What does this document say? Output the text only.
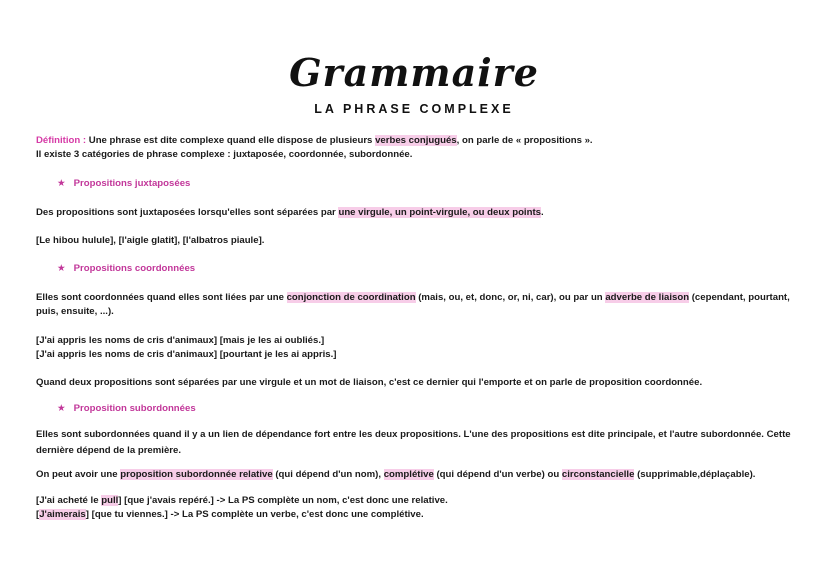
Grammaire
LA PHRASE COMPLEXE
Définition : Une phrase est dite complexe quand elle dispose de plusieurs verbes conjugués, on parle de « propositions ».
Il existe 3 catégories de phrase complexe : juxtaposée, coordonnée, subordonnée.
★ Propositions juxtaposées
Des propositions sont juxtaposées lorsqu'elles sont séparées par une virgule, un point-virgule, ou deux points.
[Le hibou hulule], [l'aigle glatit], [l'albatros piaule].
★ Propositions coordonnées
Elles sont coordonnées quand elles sont liées par une conjonction de coordination (mais, ou, et, donc, or, ni, car), ou par un adverbe de liaison (cependant, pourtant,
puis, ensuite, ...).
[J'ai appris les noms de cris d'animaux] [mais je les ai oubliés.]
[J'ai appris les noms de cris d'animaux] [pourtant je les ai appris.]
Quand deux propositions sont séparées par une virgule et un mot de liaison, c'est ce dernier qui l'emporte et on parle de proposition coordonnée.
★ Proposition subordonnées
Elles sont subordonnées quand il y a un lien de dépendance fort entre les deux propositions. L'une des propositions est dite principale, et l'autre subordonnée. Cette
dernière dépend de la première.
On peut avoir une proposition subordonnée relative (qui dépend d'un nom), complétive (qui dépend d'un verbe) ou circonstancielle (supprimable,déplaçable).
[J'ai acheté le pull] [que j'avais repéré.] -> La PS complète un nom, c'est donc une relative.
[J'aimerais] [que tu viennes.] -> La PS complète un verbe, c'est donc une complétive.
